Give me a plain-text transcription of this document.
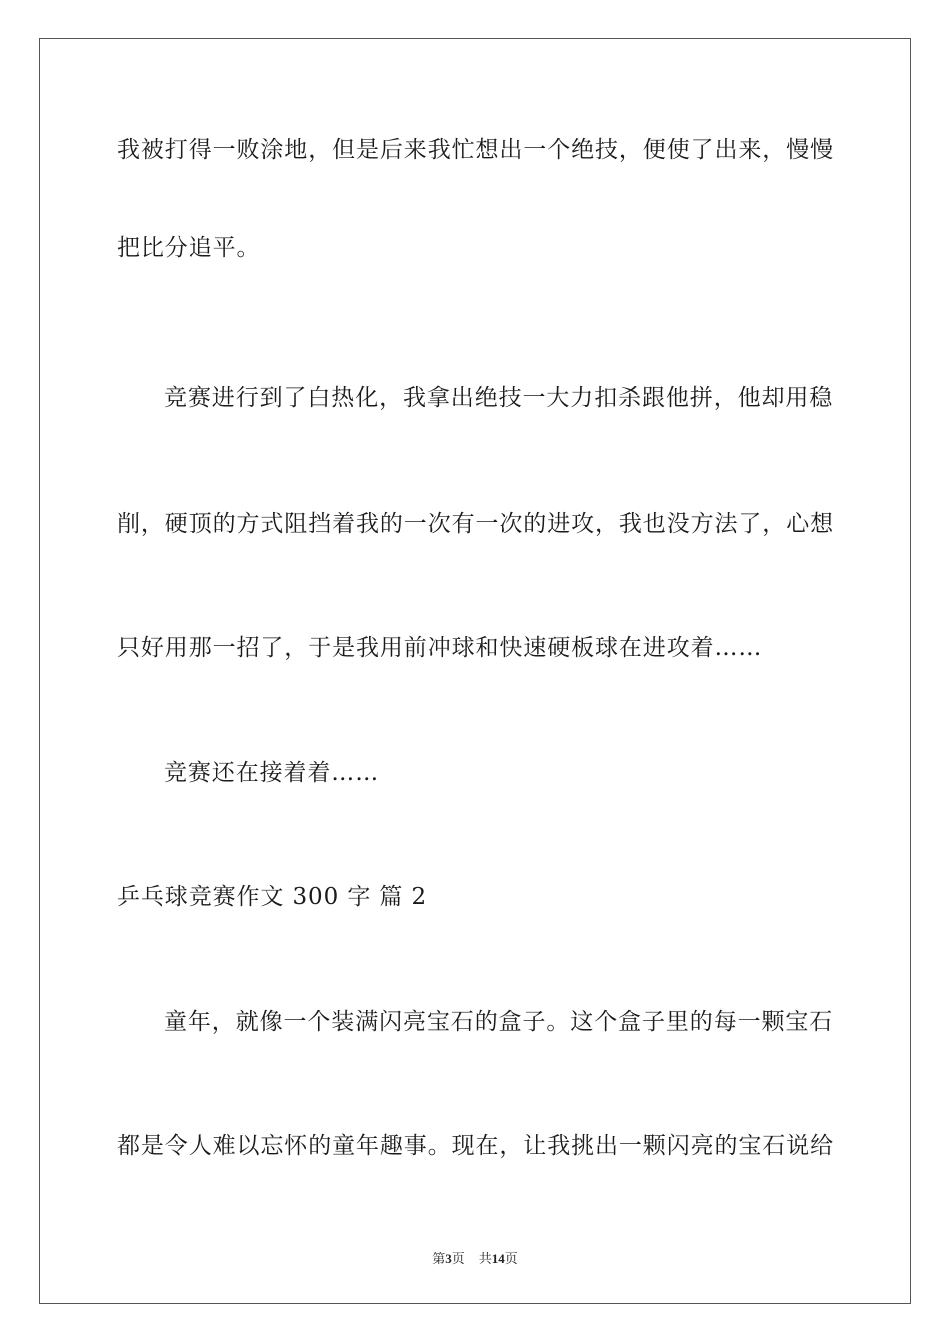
我被打得一败涂地，但是后来我忙想出一个绝技，便使了出来，慢慢

把比分追平。

竞赛进行到了白热化，我拿出绝技一大力扣杀跟他拼，他却用稳

削，硬顶的方式阻挡着我的一次有一次的进攻，我也没方法了，心想

只好用那一招了，于是我用前冲球和快速硬板球在进攻着……

竞赛还在接着着……

乒乓球竞赛作文 300 字 篇 2

童年，就像一个装满闪亮宝石的盒子。这个盒子里的每一颗宝石

都是令人难以忘怀的童年趣事。现在，让我挑出一颗闪亮的宝石说给

第3页 共14页
